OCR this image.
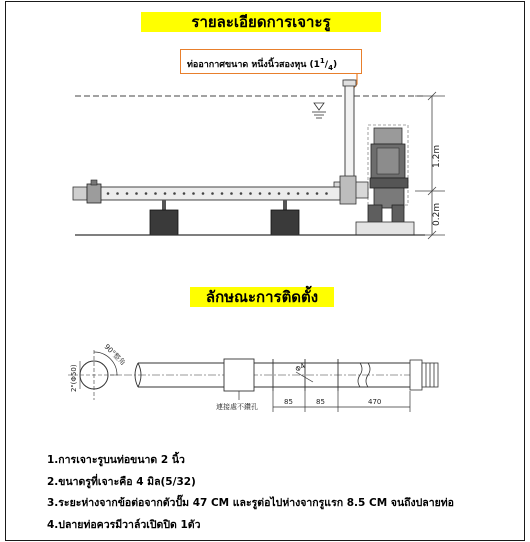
รายละเอียดการเจาะรู
1.2m
0.2m
90°整角
2"(Φ50)	Φ4
連接處不鑽孔
85	85	470
ท่ออากาศขนาด หนึ่งนิ้วสองหุน $(1^1/_4)$
ลักษณะการติดตั้ง
1.การเจาะรูบนท่อขนาด 2 นิ้ว
2.ขนาดรูที่เจาะคือ 4 มิล(5/32)
3.ระยะห่างจากข้อต่อจากตัวปั๊ม 47 CM และรูต่อไปห่างจากรูแรก 8.5 CM จนถึงปลายท่อ
4.ปลายท่อควรมีวาล์วเปิดปิด 1ตัว
